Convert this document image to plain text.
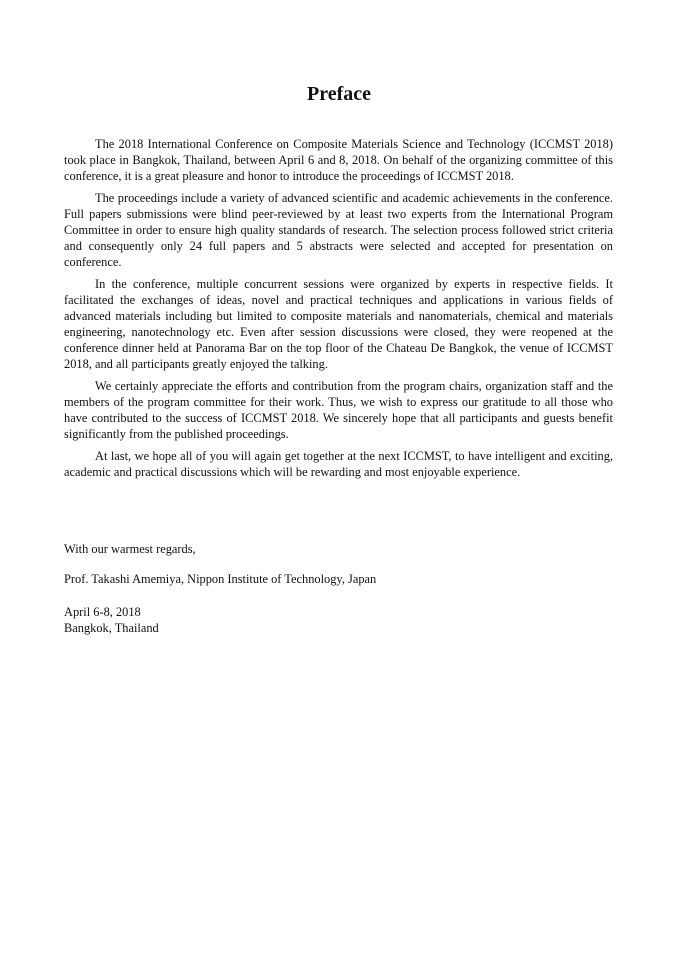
Preface

The 2018 International Conference on Composite Materials Science and Technology (ICCMST 2018) took place in Bangkok, Thailand, between April 6 and 8, 2018. On behalf of the organizing committee of this conference, it is a great pleasure and honor to introduce the proceedings of ICCMST 2018.

The proceedings include a variety of advanced scientific and academic achievements in the conference. Full papers submissions were blind peer-reviewed by at least two experts from the International Program Committee in order to ensure high quality standards of research. The selection process followed strict criteria and consequently only 24 full papers and 5 abstracts were selected and accepted for presentation on conference.

In the conference, multiple concurrent sessions were organized by experts in respective fields. It facilitated the exchanges of ideas, novel and practical techniques and applications in various fields of advanced materials including but limited to composite materials and nanomaterials, chemical and materials engineering, nanotechnology etc. Even after session discussions were closed, they were reopened at the conference dinner held at Panorama Bar on the top floor of the Chateau De Bangkok, the venue of ICCMST 2018, and all participants greatly enjoyed the talking.

We certainly appreciate the efforts and contribution from the program chairs, organization staff and the members of the program committee for their work. Thus, we wish to express our gratitude to all those who have contributed to the success of ICCMST 2018. We sincerely hope that all participants and guests benefit significantly from the published proceedings.

At last, we hope all of you will again get together at the next ICCMST, to have intelligent and exciting, academic and practical discussions which will be rewarding and most enjoyable experience.

With our warmest regards,

Prof. Takashi Amemiya, Nippon Institute of Technology, Japan

April 6-8, 2018

Bangkok, Thailand
